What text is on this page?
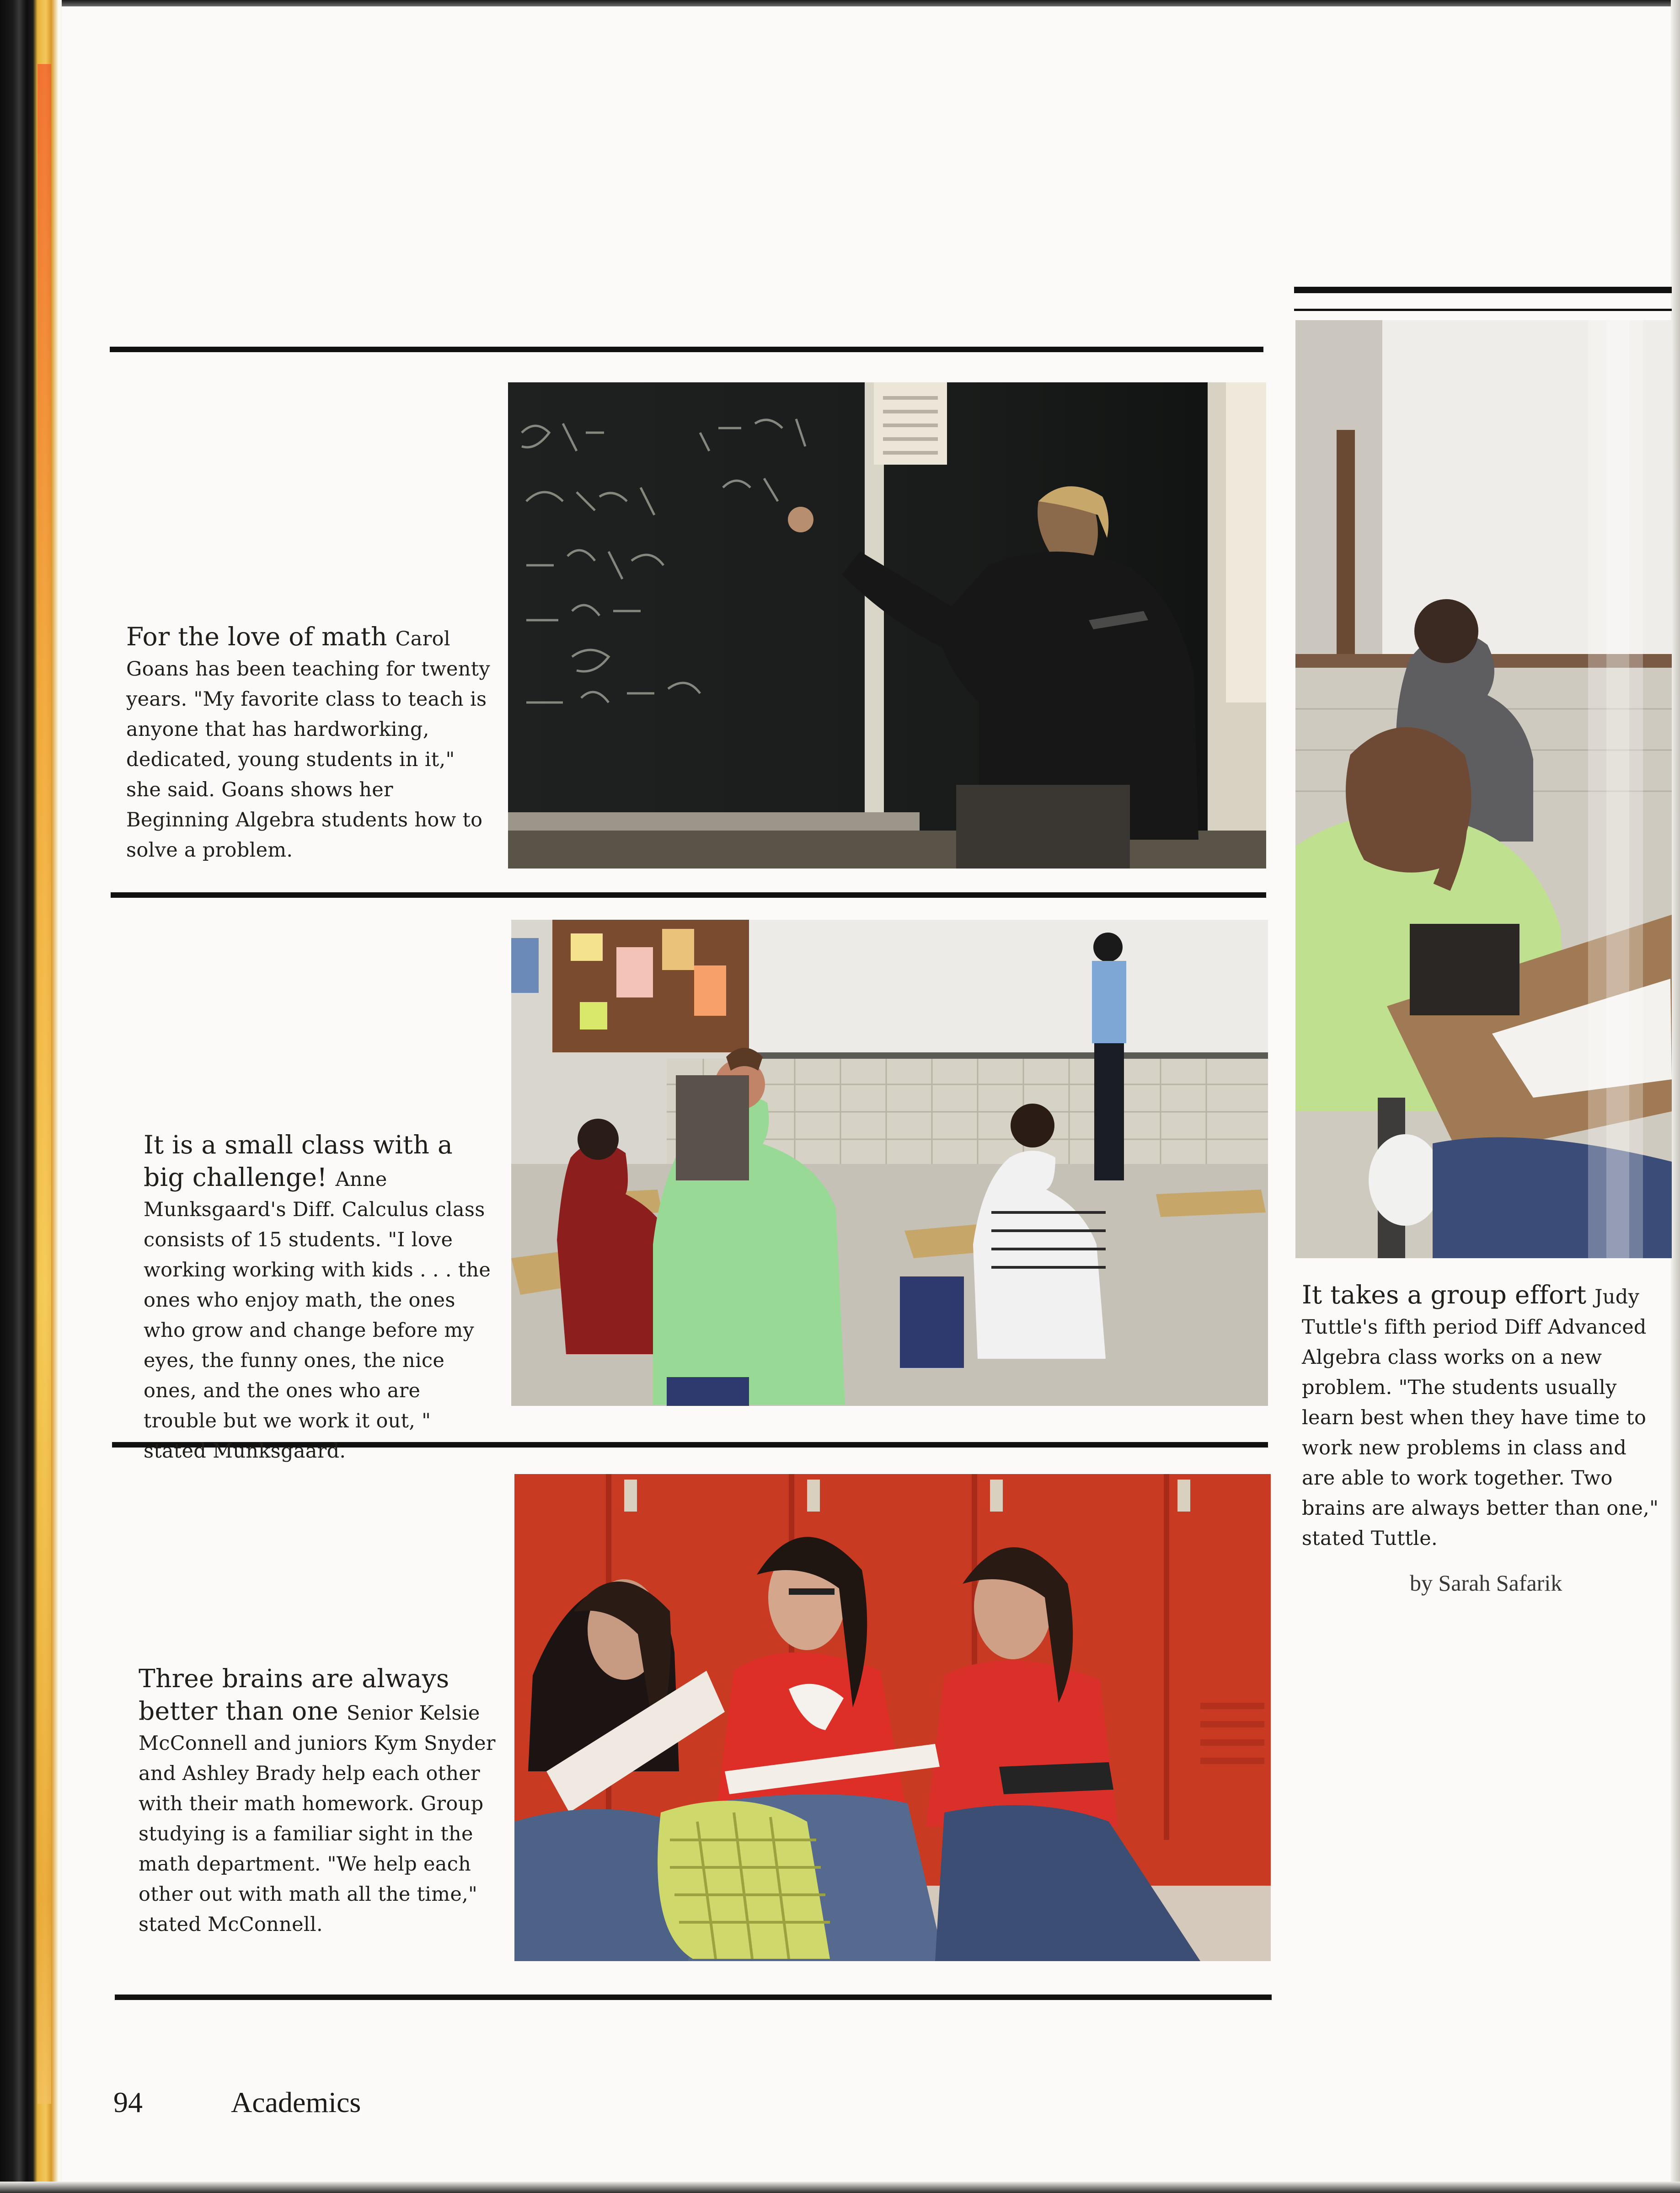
For the love of math Carol Goans has been teaching for twenty years. "My favorite class to teach is anyone that has hardworking, dedicated, young students in it," she said. Goans shows her Beginning Algebra students how to solve a problem.
It is a small class with a big challenge! Anne Munksgaard's Diff. Calculus class consists of 15 students. "I love working working with kids . . . the ones who enjoy math, the ones who grow and change before my eyes, the funny ones, the nice ones, and the ones who are trouble but we work it out, " stated Munksgaard.
Three brains are always better than one Senior Kelsie McConnell and juniors Kym Snyder and Ashley Brady help each other with their math homework. Group studying is a familiar sight in the math department. "We help each other out with math all the time," stated McConnell.
It takes a group effort Judy Tuttle's fifth period Diff Advanced Algebra class works on a new problem. "The students usually learn best when they have time to work new problems in class and are able to work together. Two brains are always better than one," stated Tuttle.
by Sarah Safarik
94	Academics
